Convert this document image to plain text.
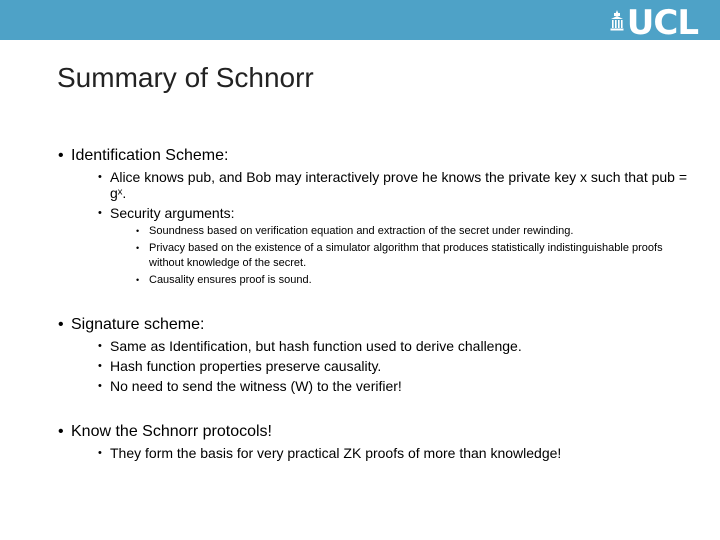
UCL
Summary of Schnorr
• Identification Scheme:
• Alice knows pub, and Bob may interactively prove he knows the private key x such that pub = gˣ.
• Security arguments:
• Soundness based on verification equation and extraction of the secret under rewinding.
• Privacy based on the existence of a simulator algorithm that produces statistically indistinguishable proofs without knowledge of the secret.
• Causality ensures proof is sound.
• Signature scheme:
• Same as Identification, but hash function used to derive challenge.
• Hash function properties preserve causality.
• No need to send the witness (W) to the verifier!
• Know the Schnorr protocols!
• They form the basis for very practical ZK proofs of more than knowledge!
